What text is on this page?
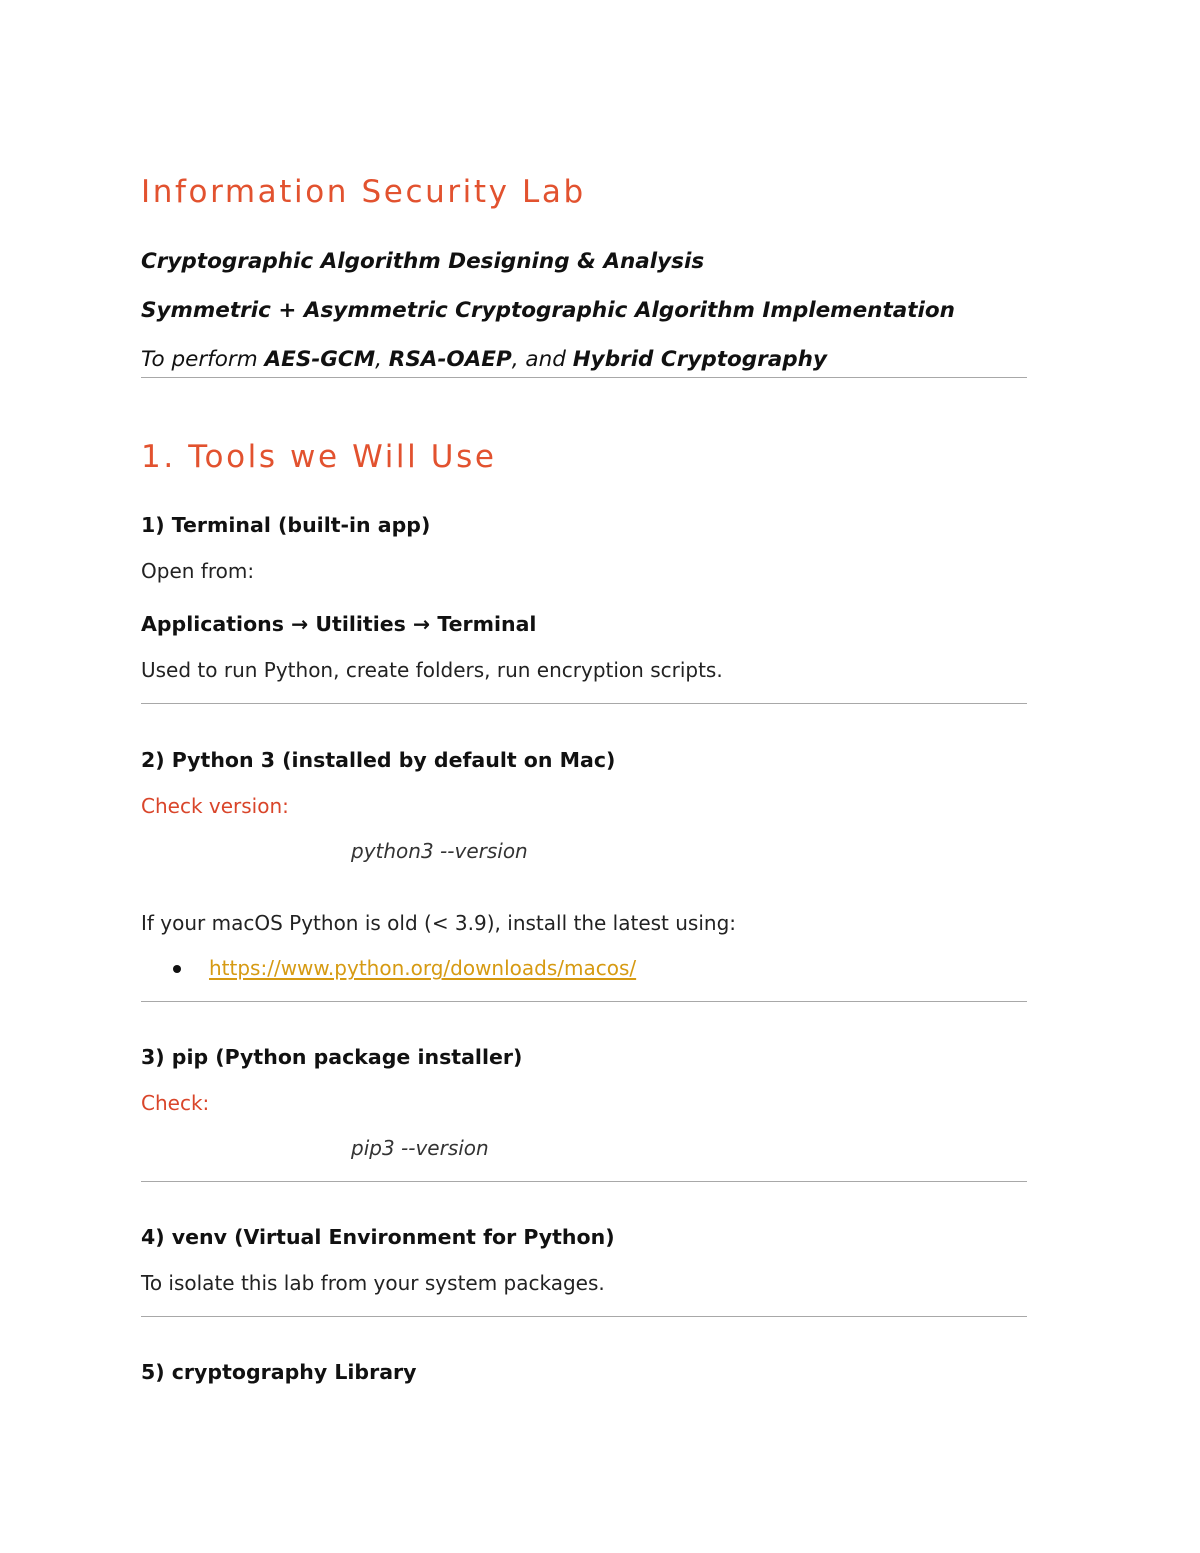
Information Security Lab
Cryptographic Algorithm Designing & Analysis
Symmetric + Asymmetric Cryptographic Algorithm Implementation
To perform AES-GCM, RSA-OAEP, and Hybrid Cryptography
1. Tools we Will Use
1) Terminal (built-in app)
Open from:
Applications → Utilities → Terminal
Used to run Python, create folders, run encryption scripts.
2) Python 3 (installed by default on Mac)
Check version:
python3 --version
If your macOS Python is old (< 3.9), install the latest using:
https://www.python.org/downloads/macos/
3) pip (Python package installer)
Check:
pip3 --version
4) venv (Virtual Environment for Python)
To isolate this lab from your system packages.
5) cryptography Library
